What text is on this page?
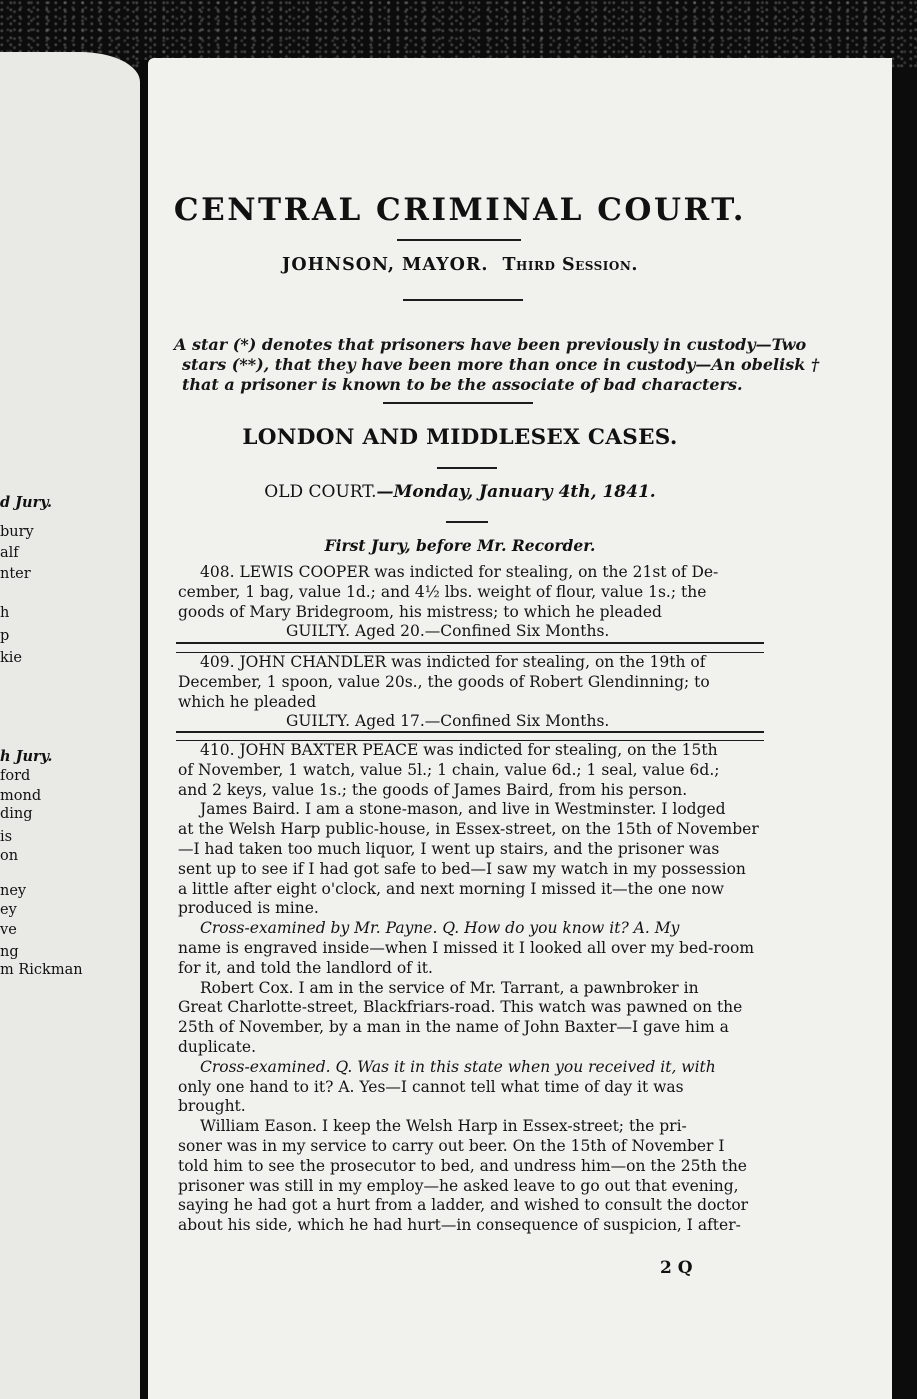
d Jury.
bury
alf
nter
h
p
kie
h Jury.
ford
mond
ding
is
on
ney
ey
ve
ng
m Rickman
CENTRAL CRIMINAL COURT.
JOHNSON, MAYOR. Third Session.
A star (*) denotes that prisoners have been previously in custody—Two
stars (**), that they have been more than once in custody—An obelisk †
that a prisoner is known to be the associate of bad characters.
LONDON AND MIDDLESEX CASES.
OLD COURT.—Monday, January 4th, 1841.
First Jury, before Mr. Recorder.
408. LEWIS COOPER was indicted for stealing, on the 21st of De-
cember, 1 bag, value 1d.; and 4½ lbs. weight of flour, value 1s.; the
goods of Mary Bridegroom, his mistress; to which he pleaded
GUILTY. Aged 20.—Confined Six Months.
409. JOHN CHANDLER was indicted for stealing, on the 19th of
December, 1 spoon, value 20s., the goods of Robert Glendinning; to
which he pleaded
GUILTY. Aged 17.—Confined Six Months.
410. JOHN BAXTER PEACE was indicted for stealing, on the 15th
of November, 1 watch, value 5l.; 1 chain, value 6d.; 1 seal, value 6d.;
and 2 keys, value 1s.; the goods of James Baird, from his person.
James Baird. I am a stone-mason, and live in Westminster. I lodged
at the Welsh Harp public-house, in Essex-street, on the 15th of November
—I had taken too much liquor, I went up stairs, and the prisoner was
sent up to see if I had got safe to bed—I saw my watch in my possession
a little after eight o'clock, and next morning I missed it—the one now
produced is mine.
Cross-examined by Mr. Payne. Q. How do you know it? A. My
name is engraved inside—when I missed it I looked all over my bed-room
for it, and told the landlord of it.
Robert Cox. I am in the service of Mr. Tarrant, a pawnbroker in
Great Charlotte-street, Blackfriars-road. This watch was pawned on the
25th of November, by a man in the name of John Baxter—I gave him a
duplicate.
Cross-examined. Q. Was it in this state when you received it, with
only one hand to it? A. Yes—I cannot tell what time of day it was
brought.
William Eason. I keep the Welsh Harp in Essex-street; the pri-
soner was in my service to carry out beer. On the 15th of November I
told him to see the prosecutor to bed, and undress him—on the 25th the
prisoner was still in my employ—he asked leave to go out that evening,
saying he had got a hurt from a ladder, and wished to consult the doctor
about his side, which he had hurt—in consequence of suspicion, I after-
2 Q
